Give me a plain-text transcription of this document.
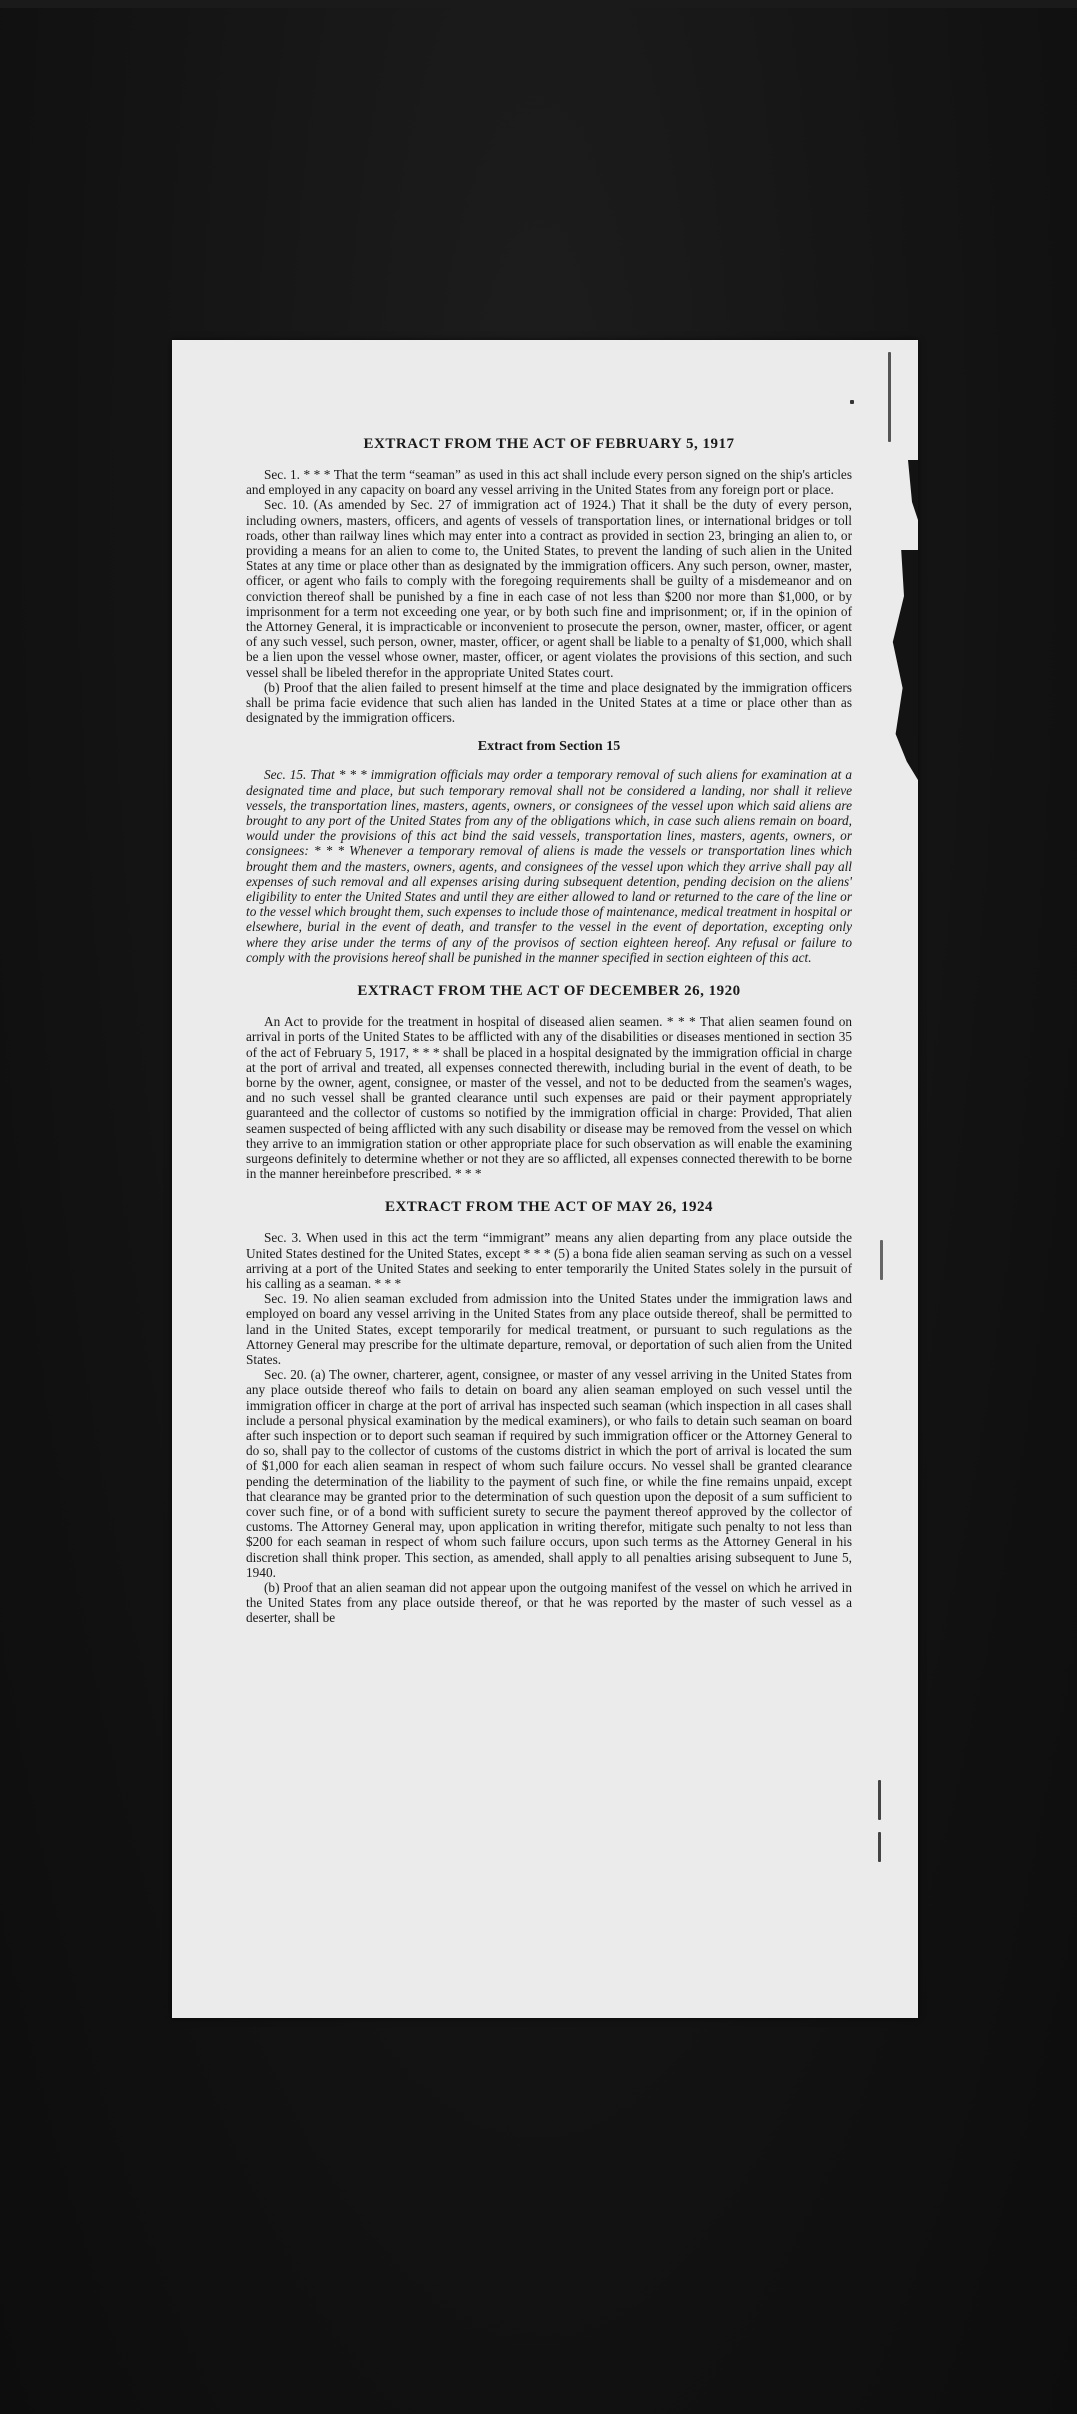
EXTRACT FROM THE ACT OF FEBRUARY 5, 1917

Sec. 1. * * * That the term “seaman” as used in this act shall include every person signed on the ship's articles and employed in any capacity on board any vessel arriving in the United States from any foreign port or place.

Sec. 10. (As amended by Sec. 27 of immigration act of 1924.) That it shall be the duty of every person, including owners, masters, officers, and agents of vessels of transportation lines, or international bridges or toll roads, other than railway lines which may enter into a contract as provided in section 23, bringing an alien to, or providing a means for an alien to come to, the United States, to prevent the landing of such alien in the United States at any time or place other than as designated by the immigration officers. Any such person, owner, master, officer, or agent who fails to comply with the foregoing requirements shall be guilty of a misdemeanor and on conviction thereof shall be punished by a fine in each case of not less than $200 nor more than $1,000, or by imprisonment for a term not exceeding one year, or by both such fine and imprisonment; or, if in the opinion of the Attorney General, it is impracticable or inconvenient to prosecute the person, owner, master, officer, or agent of any such vessel, such person, owner, master, officer, or agent shall be liable to a penalty of $1,000, which shall be a lien upon the vessel whose owner, master, officer, or agent violates the provisions of this section, and such vessel shall be libeled therefor in the appropriate United States court.

(b) Proof that the alien failed to present himself at the time and place designated by the immigration officers shall be prima facie evidence that such alien has landed in the United States at a time or place other than as designated by the immigration officers.

Extract from Section 15

Sec. 15. That * * * immigration officials may order a temporary removal of such aliens for examination at a designated time and place, but such temporary removal shall not be considered a landing, nor shall it relieve vessels, the transportation lines, masters, agents, owners, or consignees of the vessel upon which said aliens are brought to any port of the United States from any of the obligations which, in case such aliens remain on board, would under the provisions of this act bind the said vessels, transportation lines, masters, agents, owners, or consignees: * * * Whenever a temporary removal of aliens is made the vessels or transportation lines which brought them and the masters, owners, agents, and consignees of the vessel upon which they arrive shall pay all expenses of such removal and all expenses arising during subsequent detention, pending decision on the aliens' eligibility to enter the United States and until they are either allowed to land or returned to the care of the line or to the vessel which brought them, such expenses to include those of maintenance, medical treatment in hospital or elsewhere, burial in the event of death, and transfer to the vessel in the event of deportation, excepting only where they arise under the terms of any of the provisos of section eighteen hereof. Any refusal or failure to comply with the provisions hereof shall be punished in the manner specified in section eighteen of this act.

EXTRACT FROM THE ACT OF DECEMBER 26, 1920

An Act to provide for the treatment in hospital of diseased alien seamen. * * * That alien seamen found on arrival in ports of the United States to be afflicted with any of the disabilities or diseases mentioned in section 35 of the act of February 5, 1917, * * * shall be placed in a hospital designated by the immigration official in charge at the port of arrival and treated, all expenses connected therewith, including burial in the event of death, to be borne by the owner, agent, consignee, or master of the vessel, and not to be deducted from the seamen's wages, and no such vessel shall be granted clearance until such expenses are paid or their payment appropriately guaranteed and the collector of customs so notified by the immigration official in charge: Provided, That alien seamen suspected of being afflicted with any such disability or disease may be removed from the vessel on which they arrive to an immigration station or other appropriate place for such observation as will enable the examining surgeons definitely to determine whether or not they are so afflicted, all expenses connected therewith to be borne in the manner hereinbefore prescribed. * * *

EXTRACT FROM THE ACT OF MAY 26, 1924

Sec. 3. When used in this act the term “immigrant” means any alien departing from any place outside the United States destined for the United States, except * * * (5) a bona fide alien seaman serving as such on a vessel arriving at a port of the United States and seeking to enter temporarily the United States solely in the pursuit of his calling as a seaman. * * *

Sec. 19. No alien seaman excluded from admission into the United States under the immigration laws and employed on board any vessel arriving in the United States from any place outside thereof, shall be permitted to land in the United States, except temporarily for medical treatment, or pursuant to such regulations as the Attorney General may prescribe for the ultimate departure, removal, or deportation of such alien from the United States.

Sec. 20. (a) The owner, charterer, agent, consignee, or master of any vessel arriving in the United States from any place outside thereof who fails to detain on board any alien seaman employed on such vessel until the immigration officer in charge at the port of arrival has inspected such seaman (which inspection in all cases shall include a personal physical examination by the medical examiners), or who fails to detain such seaman on board after such inspection or to deport such seaman if required by such immigration officer or the Attorney General to do so, shall pay to the collector of customs of the customs district in which the port of arrival is located the sum of $1,000 for each alien seaman in respect of whom such failure occurs. No vessel shall be granted clearance pending the determination of the liability to the payment of such fine, or while the fine remains unpaid, except that clearance may be granted prior to the determination of such question upon the deposit of a sum sufficient to cover such fine, or of a bond with sufficient surety to secure the payment thereof approved by the collector of customs. The Attorney General may, upon application in writing therefor, mitigate such penalty to not less than $200 for each seaman in respect of whom such failure occurs, upon such terms as the Attorney General in his discretion shall think proper. This section, as amended, shall apply to all penalties arising subsequent to June 5, 1940.

(b) Proof that an alien seaman did not appear upon the outgoing manifest of the vessel on which he arrived in the United States from any place outside thereof, or that he was reported by the master of such vessel as a deserter, shall be
